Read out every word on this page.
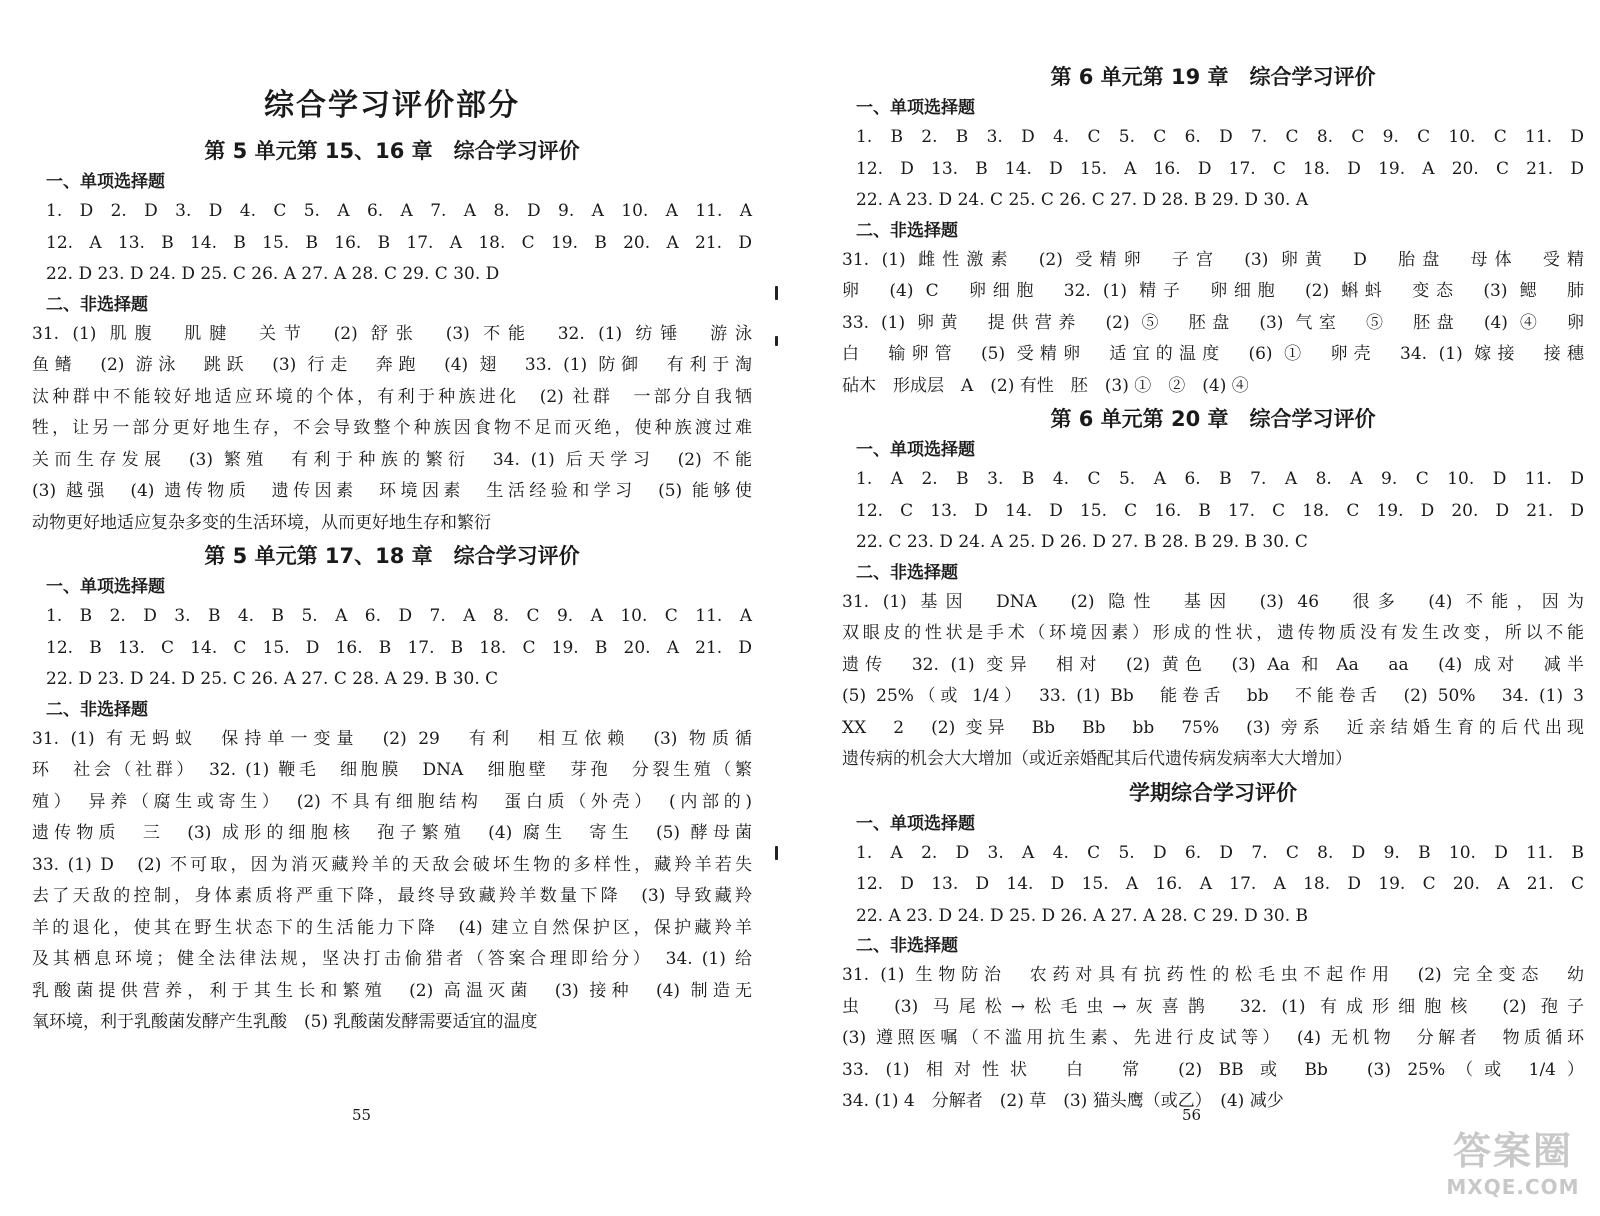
综合学习评价部分
第 5 单元第 15、16 章　综合学习评价
一、单项选择题
1. D 2. D 3. D 4. C 5. A 6. A 7. A 8. D 9. A 10. A 11. A
12. A 13. B 14. B 15. B 16. B 17. A 18. C 19. B 20. A 21. D
22. D 23. D 24. D 25. C 26. A 27. A 28. C 29. C 30. D
二、非选择题
31. (1) 肌腹　肌腱　关节　(2) 舒张　(3) 不能　32. (1) 纺锤　游泳
鱼鳍　(2) 游泳　跳跃　(3) 行走　奔跑　(4) 翅　33. (1) 防御　有利于淘
汰种群中不能较好地适应环境的个体，有利于种族进化　(2) 社群　一部分自我牺
牲，让另一部分更好地生存，不会导致整个种族因食物不足而灭绝，使种族渡过难
关而生存发展　(3) 繁殖　有利于种族的繁衍　34. (1) 后天学习　(2) 不能
(3) 越强　(4) 遗传物质　遗传因素　环境因素　生活经验和学习　(5) 能够使
动物更好地适应复杂多变的生活环境，从而更好地生存和繁衍
第 5 单元第 17、18 章　综合学习评价
一、单项选择题
1. B 2. D 3. B 4. B 5. A 6. D 7. A 8. C 9. A 10. C 11. A
12. B 13. C 14. C 15. D 16. B 17. B 18. C 19. B 20. A 21. D
22. D 23. D 24. D 25. C 26. A 27. C 28. A 29. B 30. C
二、非选择题
31. (1) 有无蚂蚁　保持单一变量　(2) 29　有利　相互依赖　(3) 物质循
环　社会（社群）　32. (1) 鞭毛　细胞膜　DNA　细胞壁　芽孢　分裂生殖（繁
殖）　异养（腐生或寄生）　(2) 不具有细胞结构　蛋白质（外壳）　(内部的)
遗传物质　三　(3) 成形的细胞核　孢子繁殖　(4) 腐生　寄生　(5) 酵母菌
33. (1) D　(2) 不可取，因为消灭藏羚羊的天敌会破坏生物的多样性，藏羚羊若失
去了天敌的控制，身体素质将严重下降，最终导致藏羚羊数量下降　(3) 导致藏羚
羊的退化，使其在野生状态下的生活能力下降　(4) 建立自然保护区，保护藏羚羊
及其栖息环境；健全法律法规，坚决打击偷猎者（答案合理即给分）　34. (1) 给
乳酸菌提供营养，利于其生长和繁殖　(2) 高温灭菌　(3) 接种　(4) 制造无
氧环境，利于乳酸菌发酵产生乳酸　(5) 乳酸菌发酵需要适宜的温度
55
第 6 单元第 19 章　综合学习评价
一、单项选择题
1. B 2. B 3. D 4. C 5. C 6. D 7. C 8. C 9. C 10. C 11. D
12. D 13. B 14. D 15. A 16. D 17. C 18. D 19. A 20. C 21. D
22. A 23. D 24. C 25. C 26. C 27. D 28. B 29. D 30. A
二、非选择题
31. (1) 雌性激素　(2) 受精卵　子宫　(3) 卵黄　D　胎盘　母体　受精
卵　(4) C　卵细胞　32. (1) 精子　卵细胞　(2) 蝌蚪　变态　(3) 鳃　肺
33. (1) 卵黄　提供营养　(2) ⑤　胚盘　(3) 气室　⑤　胚盘　(4) ④　卵
白　输卵管　(5) 受精卵　适宜的温度　(6) ①　卵壳　34. (1) 嫁接　接穗
砧木　形成层　A　(2) 有性　胚　(3) ①　②　(4) ④
第 6 单元第 20 章　综合学习评价
一、单项选择题
1. A 2. B 3. B 4. C 5. A 6. B 7. A 8. A 9. C 10. D 11. D
12. C 13. D 14. D 15. C 16. B 17. C 18. C 19. D 20. D 21. D
22. C 23. D 24. A 25. D 26. D 27. B 28. B 29. B 30. C
二、非选择题
31. (1) 基因　DNA　(2) 隐性　基因　(3) 46　很多　(4) 不能，因为
双眼皮的性状是手术（环境因素）形成的性状，遗传物质没有发生改变，所以不能
遗传　32. (1) 变异　相对　(2) 黄色　(3) Aa 和 Aa　aa　(4) 成对　减半
(5) 25%（或 1/4）　33. (1) Bb　能卷舌　bb　不能卷舌　(2) 50%　34. (1) 3
XX　2　(2) 变异　Bb　Bb　bb　75%　(3) 旁系　近亲结婚生育的后代出现
遗传病的机会大大增加（或近亲婚配其后代遗传病发病率大大增加）
学期综合学习评价
一、单项选择题
1. A 2. D 3. A 4. C 5. D 6. D 7. C 8. D 9. B 10. D 11. B
12. D 13. D 14. D 15. A 16. A 17. A 18. D 19. C 20. A 21. C
22. A 23. D 24. D 25. D 26. A 27. A 28. C 29. D 30. B
二、非选择题
31. (1) 生物防治　农药对具有抗药性的松毛虫不起作用　(2) 完全变态　幼
虫　(3) 马尾松→松毛虫→灰喜鹊　32. (1) 有成形细胞核　(2) 孢子
(3) 遵照医嘱（不滥用抗生素、先进行皮试等）　(4) 无机物　分解者　物质循环
33. (1) 相对性状　白　常　(2) BB 或 Bb　(3) 25%（或 1/4）
34. (1) 4　分解者　(2) 草　(3) 猫头鹰（或乙）　(4) 减少
56
答案圈
MXQE.COM
